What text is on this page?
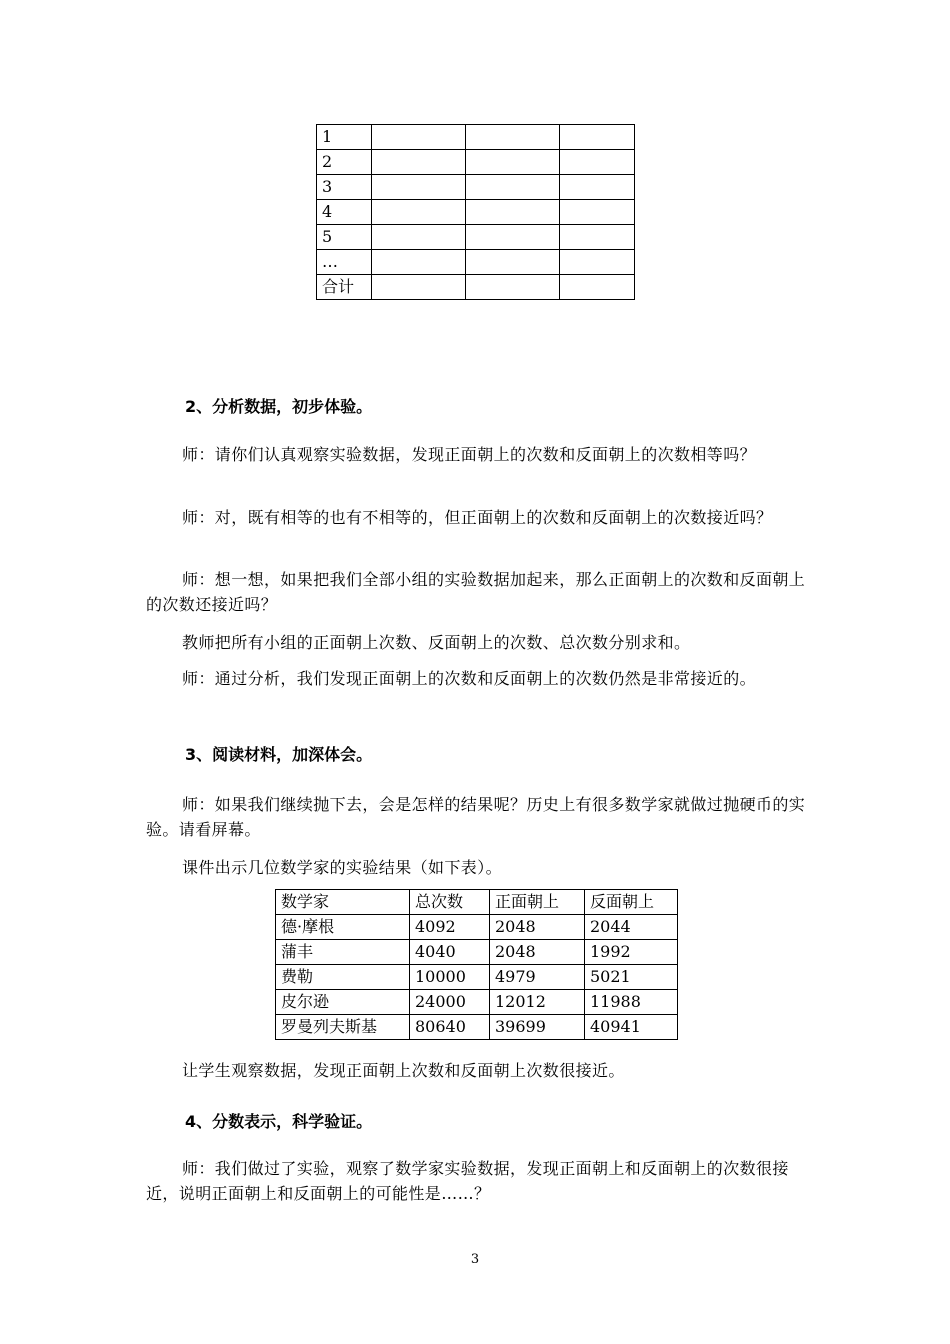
1			
2			
3			
4			
5			
…			
合计			
2、分析数据，初步体验。
师：请你们认真观察实验数据，发现正面朝上的次数和反面朝上的次数相等吗？
师：对，既有相等的也有不相等的，但正面朝上的次数和反面朝上的次数接近吗？
师：想一想，如果把我们全部小组的实验数据加起来，那么正面朝上的次数和反面朝上的次数还接近吗？
教师把所有小组的正面朝上次数、反面朝上的次数、总次数分别求和。
师：通过分析，我们发现正面朝上的次数和反面朝上的次数仍然是非常接近的。
3、阅读材料，加深体会。
师：如果我们继续抛下去，会是怎样的结果呢？历史上有很多数学家就做过抛硬币的实验。请看屏幕。
课件出示几位数学家的实验结果（如下表）。
数学家	总次数	正面朝上	反面朝上
德·摩根	4092	2048	2044
蒲丰	4040	2048	1992
费勒	10000	4979	5021
皮尔逊	24000	12012	11988
罗曼列夫斯基	80640	39699	40941
让学生观察数据，发现正面朝上次数和反面朝上次数很接近。
4、分数表示，科学验证。
师：我们做过了实验，观察了数学家实验数据，发现正面朝上和反面朝上的次数很接近，说明正面朝上和反面朝上的可能性是……？
3
